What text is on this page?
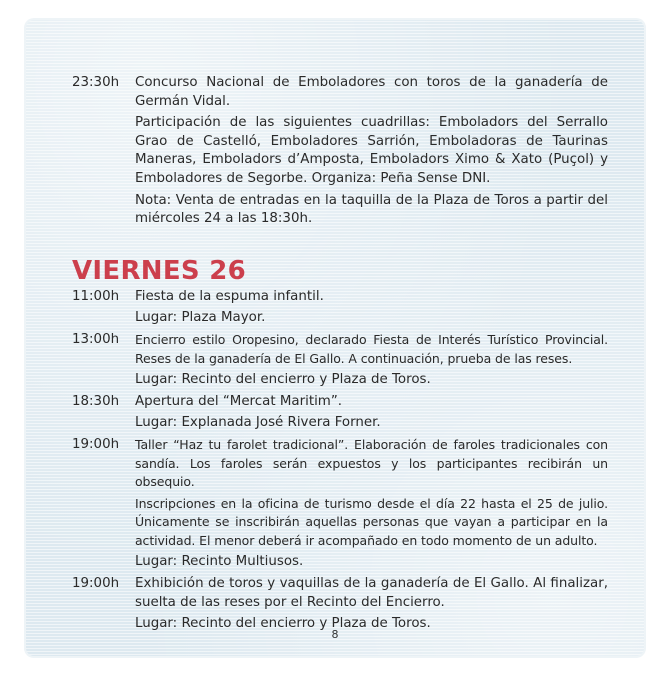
23:30h	Concurso Nacional de Emboladores con toros de la ganadería de Germán Vidal.

Participación de las siguientes cuadrillas: Emboladors del Serrallo Grao de Castelló, Emboladores Sarrión, Emboladoras de Taurinas Maneras, Emboladors d’Amposta, Emboladors Ximo & Xato (Puçol) y Emboladores de Segorbe. Organiza: Peña Sense DNI.

Nota: Venta de entradas en la taquilla de la Plaza de Toros a partir del miércoles 24 a las 18:30h.

VIERNES 26
11:00h	Fiesta de la espuma infantil.

Lugar: Plaza Mayor.

13:00h	Encierro estilo Oropesino, declarado Fiesta de Interés Turístico Provincial. Reses de la ganadería de El Gallo. A continuación, prueba de las reses.

Lugar: Recinto del encierro y Plaza de Toros.

18:30h	Apertura del “Mercat Maritim”.

Lugar: Explanada José Rivera Forner.

19:00h	Taller “Haz tu farolet tradicional”. Elaboración de faroles tradicionales con sandía. Los faroles serán expuestos y los participantes recibirán un obsequio.

Inscripciones en la oficina de turismo desde el día 22 hasta el 25 de julio. Únicamente se inscribirán aquellas personas que vayan a participar en la actividad. El menor deberá ir acompañado en todo momento de un adulto.

Lugar: Recinto Multiusos.

19:00h	Exhibición de toros y vaquillas de la ganadería de El Gallo. Al finalizar, suelta de las reses por el Recinto del Encierro.

Lugar: Recinto del encierro y Plaza de Toros.

8
